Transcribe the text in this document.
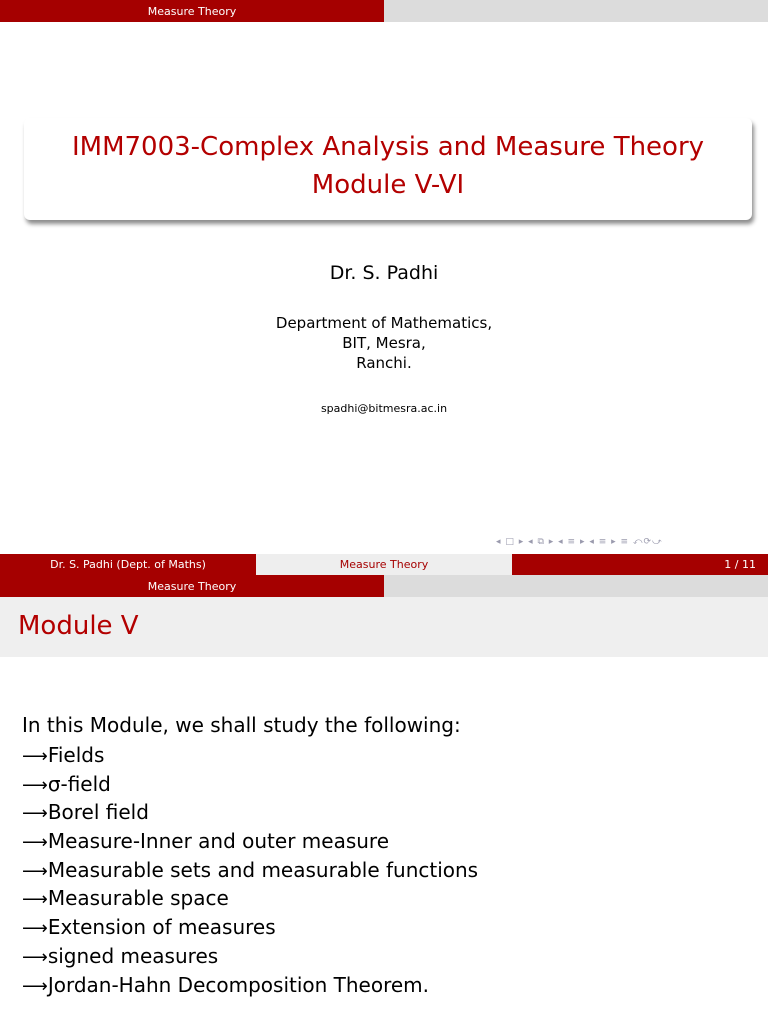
Measure Theory
IMM7003-Complex Analysis and Measure Theory
Module V-VI
Dr. S. Padhi
Department of Mathematics,
BIT, Mesra,
Ranchi.
spadhi@bitmesra.ac.in
◂ □ ▸ ◂ ⧉ ▸ ◂ ≡ ▸ ◂ ≡ ▸ ≡ ⤺⟳⤻
Dr. S. Padhi (Dept. of Maths)	Measure Theory	1 / 11
Measure Theory
Module V
In this Module, we shall study the following:
⟶Fields
⟶σ-field
⟶Borel field
⟶Measure-Inner and outer measure
⟶Measurable sets and measurable functions
⟶Measurable space
⟶Extension of measures
⟶signed measures
⟶Jordan-Hahn Decomposition Theorem.
